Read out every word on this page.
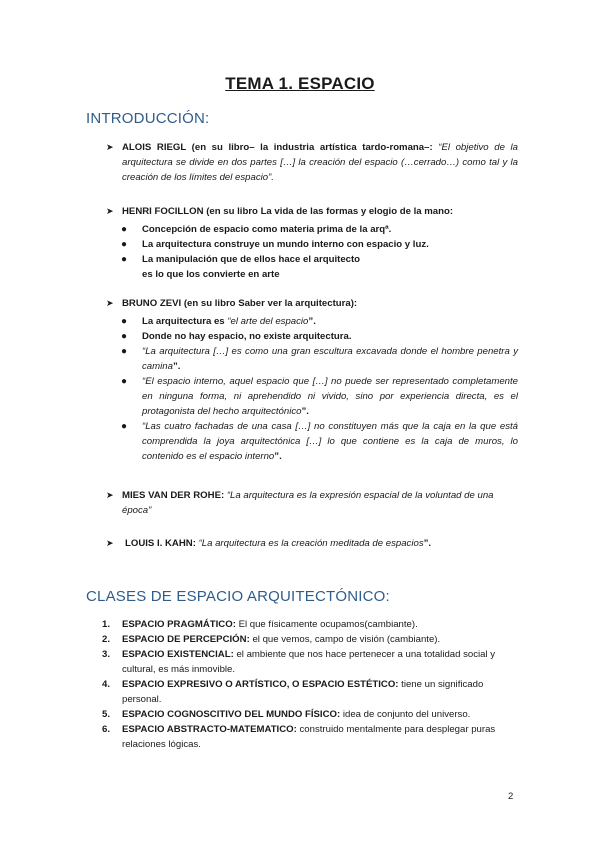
TEMA 1. ESPACIO
INTRODUCCIÓN:
➤ ALOIS RIEGL (en su libro– la industria artística tardo-romana–: “El objetivo de la arquitectura se divide en dos partes […] la creación del espacio (…cerrado…) como tal y la creación de los límites del espacio”.
➤ HENRI FOCILLON (en su libro La vida de las formas y elogio de la mano:
● Concepción de espacio como materia prima de la arqª.
● La arquitectura construye un mundo interno con espacio y luz.
● La manipulación que de ellos hace el arquitecto es lo que los convierte en arte
➤ BRUNO ZEVI (en su libro Saber ver la arquitectura):
● La arquitectura es “el arte del espacio”.
● Donde no hay espacio, no existe arquitectura.
● “La arquitectura […] es como una gran escultura excavada donde el hombre penetra y camina”.
● “El espacio interno, aquel espacio que […] no puede ser representado completamente en ninguna forma, ni aprehendido ni vivido, sino por experiencia directa, es el protagonista del hecho arquitectónico”.
● “Las cuatro fachadas de una casa […] no constituyen más que la caja en la que está comprendida la joya arquitectónica […] lo que contiene es la caja de muros, lo contenido es el espacio interno”.
➤ MIES VAN DER ROHE: “La arquitectura es la expresión espacial de la voluntad de una época”
➤ LOUIS I. KAHN: “La arquitectura es la creación meditada de espacios”.
CLASES DE ESPACIO ARQUITECTÓNICO:
1. ESPACIO PRAGMÁTICO: El que físicamente ocupamos(cambiante).
2. ESPACIO DE PERCEPCIÓN: el que vemos, campo de visión (cambiante).
3. ESPACIO EXISTENCIAL: el ambiente que nos hace pertenecer a una totalidad social y cultural, es más inmovible.
4. ESPACIO EXPRESIVO O ARTÍSTICO, O ESPACIO ESTÉTICO: tiene un significado personal.
5. ESPACIO COGNOSCITIVO DEL MUNDO FÍSICO: idea de conjunto del universo.
6. ESPACIO ABSTRACTO-MATEMATICO: construido mentalmente para desplegar puras relaciones lógicas.
2
